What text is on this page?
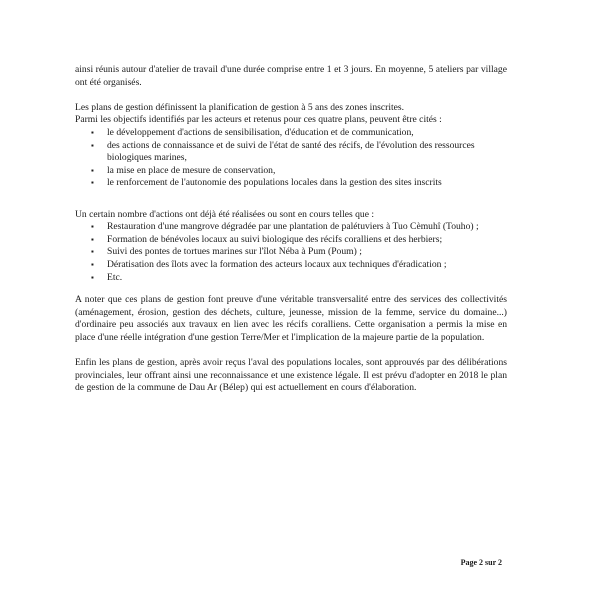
ainsi réunis autour d'atelier de travail d'une durée comprise entre 1 et 3 jours. En moyenne, 5 ateliers par village ont été organisés.

Les plans de gestion définissent la planification de gestion à 5 ans des zones inscrites.

Parmi les objectifs identifiés par les acteurs et retenus pour ces quatre plans, peuvent être cités :

▪ le développement d'actions de sensibilisation, d'éducation et de communication,
▪ des actions de connaissance et de suivi de l'état de santé des récifs, de l'évolution des ressources biologiques marines,
▪ la mise en place de mesure de conservation,
▪ le renforcement de l'autonomie des populations locales dans la gestion des sites inscrits

Un certain nombre d'actions ont déjà été réalisées ou sont en cours telles que :

▪ Restauration d'une mangrove dégradée par une plantation de palétuviers à Tuo Cèmuhî (Touho) ;
▪ Formation de bénévoles locaux au suivi biologique des récifs coralliens et des herbiers;
▪ Suivi des pontes de tortues marines sur l'îlot Néba à Pum (Poum) ;
▪ Dératisation des îlots avec la formation des acteurs locaux aux techniques d'éradication ;
▪ Etc.

A noter que ces plans de gestion font preuve d'une véritable transversalité entre des services des collectivités (aménagement, érosion, gestion des déchets, culture, jeunesse, mission de la femme, service du domaine...) d'ordinaire peu associés aux travaux en lien avec les récifs coralliens. Cette organisation a permis la mise en place d'une réelle intégration d'une gestion Terre/Mer et l'implication de la majeure partie de la population.

Enfin les plans de gestion, après avoir reçus l'aval des populations locales, sont approuvés par des délibérations provinciales, leur offrant ainsi une reconnaissance et une existence légale. Il est prévu d'adopter en 2018 le plan de gestion de la commune de Dau Ar (Bélep) qui est actuellement en cours d'élaboration.

Page 2 sur 2
